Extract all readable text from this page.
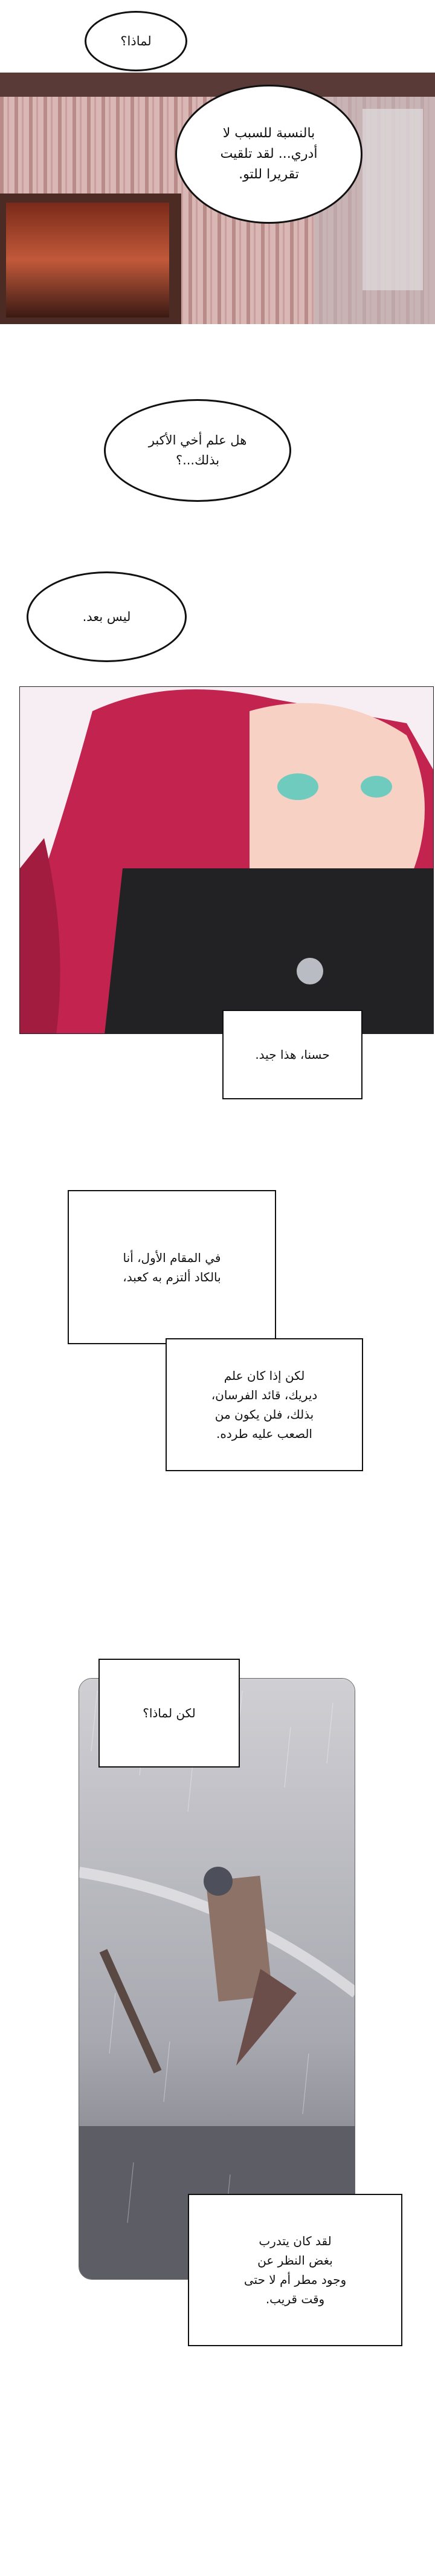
لماذا؟
بالنسبة للسبب لا
أدري... لقد تلقيت
تقريرا للتو.
هل علم أخي الأكبر
بذلك...؟
ليس بعد.
حسنا، هذا جيد.
في المقام الأول، أنا
بالكاد ألتزم به كعبد،
لكن إذا كان علم
ديريك، قائد الفرسان،
بذلك، فلن يكون من
الصعب عليه طرده.
لكن لماذا؟
لقد كان يتدرب
بغض النظر عن
وجود مطر أم لا حتى
وقت قريب.
